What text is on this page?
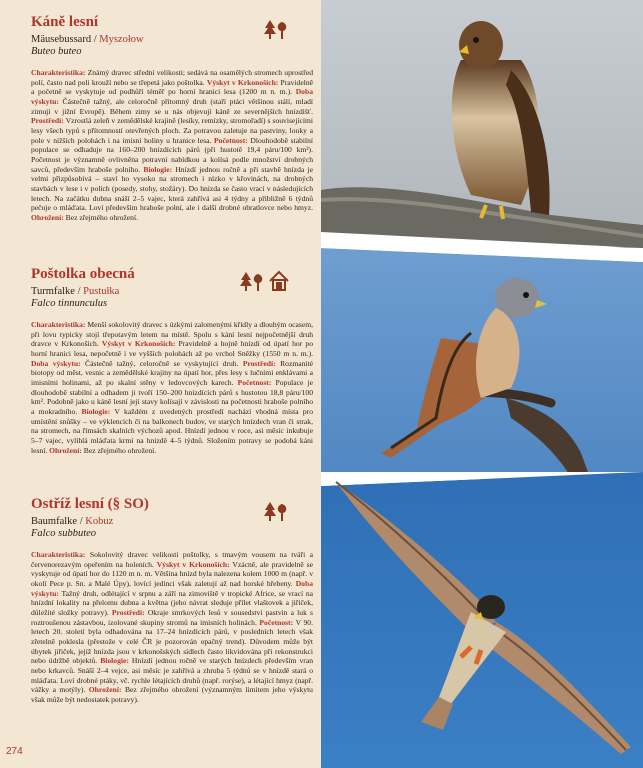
Káně lesní
Mäusebussard / Myszołow
Buteo buteo
Charakteristika: Známý dravec střední velikosti; sedává na osamělých stromech uprostřed polí, často nad poli krouží nebo se třepetá jako poštolka. Výskyt v Krkonoších: Pravidelně a početně se vyskytuje od podhůří téměř po horní hranici lesa (1200 m n. m.). Doba výskytu: Částečně tažný, ale celoročně přítomný druh (staří ptáci většinou stálí, mladí zimují v jižní Evropě). Během zimy se u nás objevují káně ze severnějších hnízdišť. Prostředí: Vzrostlá zeleň v zemědělské krajině (lesíky, remízky, stromořadí) s souvisejícími lesy všech typů s přítomností otevřených ploch. Za potravou zaletuje na pastviny, louky a pole v nižších polohách i na imisní holiny u hranice lesa. Početnost: Dlouhodobě stabilní populace se odhaduje na 160–200 hnízdících párů (při hustotě 19,4 páru/100 km²). Početnost je významně ovlivněna potravní nabídkou a kolísá podle množství drobných savců, především hraboše polního. Biologie: Hnízdí jednou ročně a při stavbě hnízda je velmi přizpůsobivá – staví ho vysoko na stromech i nízko v křovinách, na drobných stavbách v lese i v polích (posedy, stohy, stožáry). Do hnízda se často vrací v následujících letech. Na začátku dubna snáší 2–5 vajec, která zahřívá asi 4 týdny a přibližně 6 týdnů pečuje o mláďata. Loví především hraboše polní, ale i další drobné obratlovce nebo hmyz. Ohrožení: Bez zřejmého ohrožení.
Poštolka obecná
Turmfalke / Pustułka
Falco tinnunculus
Charakteristika: Menší sokolovitý dravec s úzkými zalomenými křídly a dlouhým ocasem, při lovu typicky stojí třepotavým letem na místě. Spolu s kání lesní nejpočetnější druh dravce v Krkonoších. Výskyt v Krkonoších: Pravidelně a hojně hnízdí od úpatí hor po horní hranici lesa, nepočetně i ve vyšších polohách až po vrchol Sněžky (1550 m n. m.). Doba výskytu: Částečně tažný, celoročně se vyskytující druh. Prostředí: Rozmanité biotopy od měst, vesnic a zemědělské krajiny na úpatí hor, přes lesy s lučními enklávami a imisními holinami, až po skalní stěny v ledovcových karech. Početnost: Populace je dlouhodobě stabilní a odhadem ji tvoří 150–200 hnízdících párů s hustotou 18,8 páru/100 km². Podobně jako u káně lesní její stavy kolísají v závislosti na početnosti hraboše polního a mokradního. Biologie: V každém z uvedených prostředí nachází vhodná místa pro umístění snůšky – ve výklencích či na balkonech budov, ve starých hnízdech vran či strak, na stromech, na římsách skalních výchozů apod. Hnízdí jednou v roce, asi měsíc inkubuje 5–7 vajec, vylíhlá mláďata krmí na hnízdě 4–5 týdnů. Složením potravy se podobá káni lesní. Ohrožení: Bez zřejmého ohrožení.
Ostříž lesní (§ SO)
Baumfalke / Kobuz
Falco subbuteo
Charakteristika: Sokolovitý dravec velikosti poštolky, s tmavým vousem na tváři a červenorezavým opeřením na holeních. Výskyt v Krkonoších: Vzácně, ale pravidelně se vyskytuje od úpatí hor do 1120 m n. m. Většina hnízd byla nalezena kolem 1000 m (např. v okolí Pece p. Sn. a Malé Úpy), lovící jedinci však zaletují až nad horské hřebeny. Doba výskytu: Tažný druh, odlétající v srpnu a září na zimoviště v tropické Africe, se vrací na hnízdní lokality na přelomu dubna a května (jeho návrat sleduje přílet vlaštovek a jiřiček, důležité složky potravy). Prostředí: Okraje smrkových lesů v sousedství pastvin a luk s roztroušenou zástavbou, izolované skupiny stromů na imisních holinách. Početnost: V 90. letech 20. století byla odhadována na 17–24 hnízdících párů, v posledních letech však zřetelně poklesla (přestože v celé ČR je pozorován opačný trend). Důvodem může být úbytek jiřiček, jejíž hnízda jsou v krkonošských sídlech často likvidována při rekonstrukci nebo údržbě objektů. Biologie: Hnízdí jednou ročně ve starých hnízdech především vran nebo krkavců. Snáší 2–4 vejce, asi měsíc je zahřívá a zhruba 5 týdnů se v hnízdě stará o mláďata. Loví drobné ptáky, vč. rychle létajících druhů (např. rorýse), a létající hmyz (např. vážky a motýly). Ohrožení: Bez zřejmého ohrožení (významným limitem jeho výskytu však může být nedostatek potravy).
274
